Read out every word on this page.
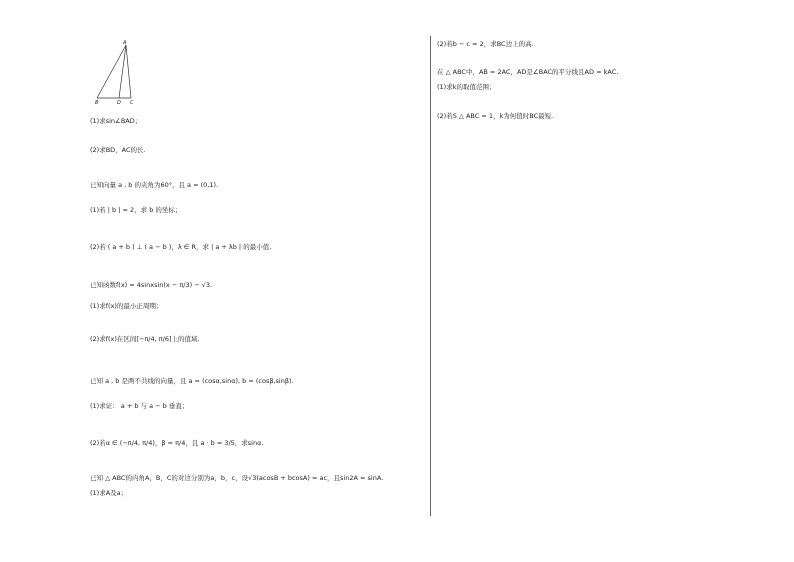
A
B	D C
(1)求sin∠BAD；
(2)求BD，AC的长.
已知向量 a , b 的夹角为60°，且 a = (0,1).
(1)若 | b | = 2，求 b 的坐标；
(2)若 ( a + b ) ⊥ ( a − b )，λ ∈ R，求 | a + λb | 的最小值.
已知函数f(x) = 4sinxsin(x − π/3) − √3.
(1)求f(x)的最小正周期；
(2)求f(x)在区间[−π/4, π/6]上的值域.
已知 a , b 是两不共线的向量，且 a = (cosα,sinα), b = (cosβ,sinβ).
(1)求证： a + b 与 a − b 垂直；
(2)若α ∈ (−π/4, π/4)，β = π/4，且 a · b = 3/5，求sinα.
已知 △ ABC的内角A，B，C的对边分别为a，b，c，设√3(acosB + bcosA) = ac，且sin2A = sinA.
(1)求A及a；
(2)若b − c = 2，求BC边上的高.
在 △ ABC中，AB = 2AC，AD是∠BAC的平分线且AD = kAC.
(1)求k的取值范围；
(2)若S △ ABC = 1，k为何值时BC最短.
